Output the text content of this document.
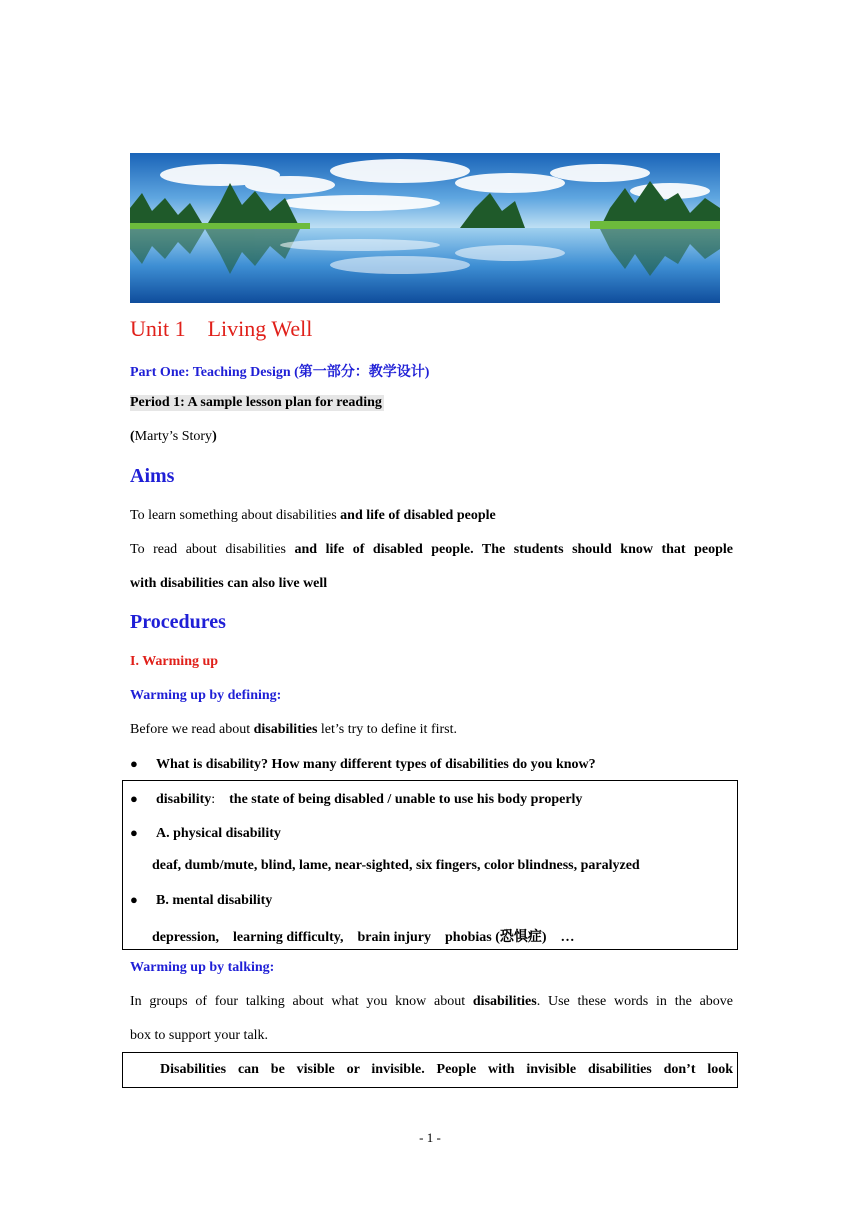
Unit 1    Living Well
Part One: Teaching Design (第一部分：教学设计)
Period 1: A sample lesson plan for reading
(Marty’s Story)
Aims
To learn something about disabilities and life of disabled people
To read about disabilities and life of disabled people. The students should know that people
with disabilities can also live well
Procedures
I. Warming up
Warming up by defining:
Before we read about disabilities let’s try to define it first.
● What is disability? How many different types of disabilities do you know?
● disability: the state of being disabled / unable to use his body properly
● A. physical disability
deaf, dumb/mute, blind, lame, near-sighted, six fingers, color blindness, paralyzed
● B. mental disability
depression,    learning difficulty,    brain injury    phobias (恐惧症)    …
Warming up by talking:
In groups of four talking about what you know about disabilities. Use these words in the above
box to support your talk.
Disabilities can be visible or invisible. People with invisible disabilities don’t look
- 1 -
